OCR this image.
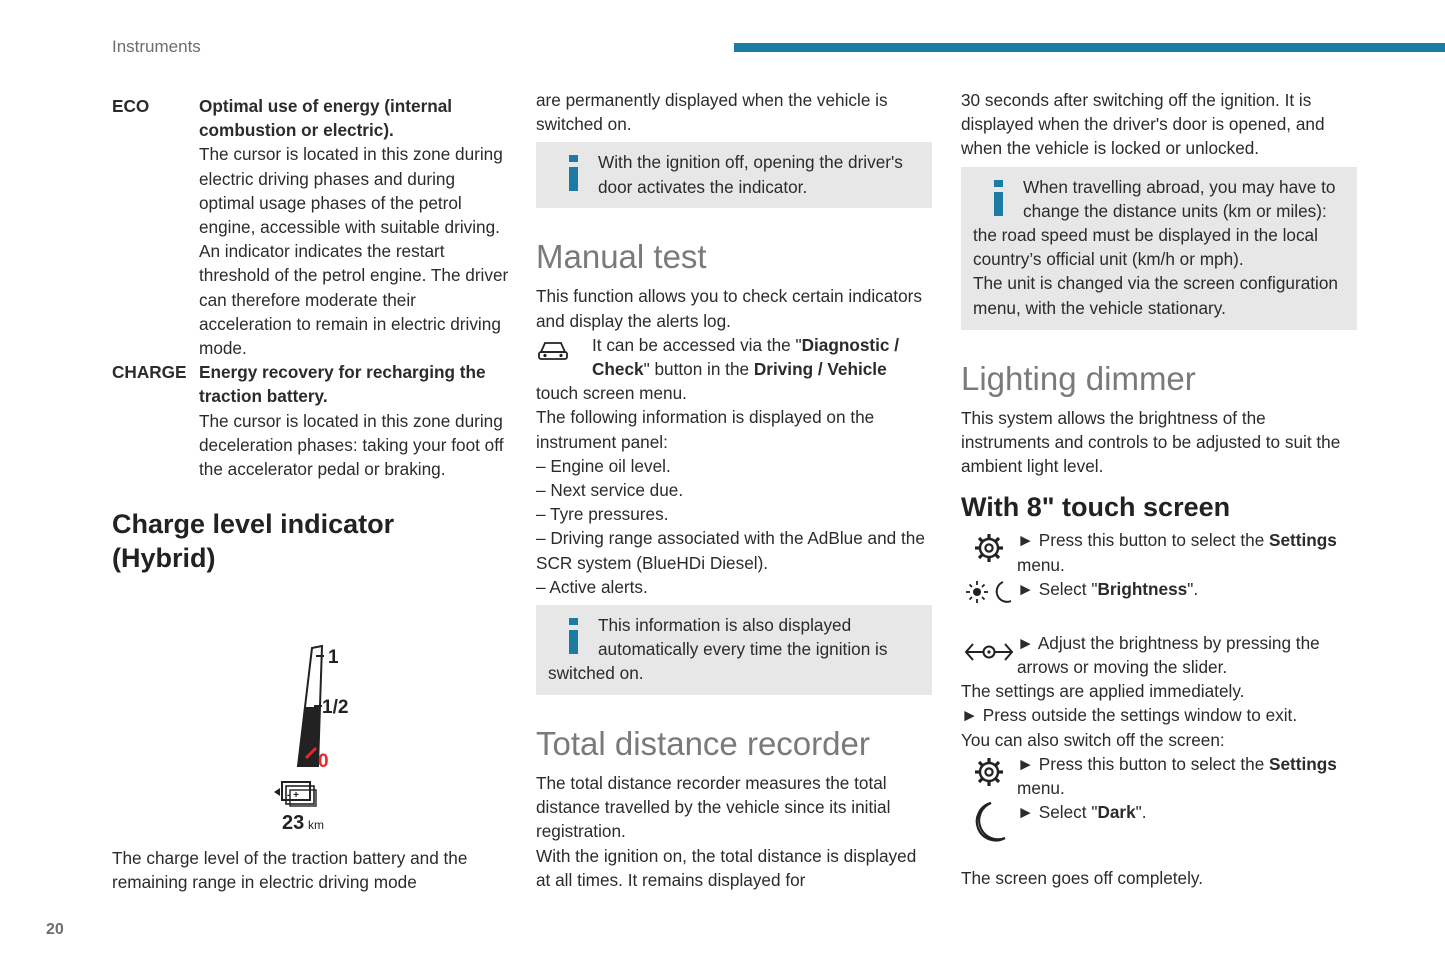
Instruments
20
ECO	Optimal use of energy (internal combustion or electric).

The cursor is located in this zone during electric driving phases and during optimal usage phases of the petrol engine, accessible with suitable driving.

An indicator indicates the restart threshold of the petrol engine. The driver can therefore moderate their acceleration to remain in electric driving mode.

CHARGE Energy recovery for recharging the traction battery.

The cursor is located in this zone during deceleration phases: taking your foot off the accelerator pedal or braking.

Charge level indicator (Hybrid)
1
1/2
0
- +
23 km

The charge level of the traction battery and the remaining range in electric driving mode

are permanently displayed when the vehicle is switched on.

With the ignition off, opening the driver's door activates the indicator.

Manual test

This function allows you to check certain indicators and display the alerts log.

It can be accessed via the "Diagnostic / Check" button in the Driving / Vehicle

touch screen menu.

The following information is displayed on the instrument panel:

– Engine oil level.
– Next service due.
– Tyre pressures.
– Driving range associated with the AdBlue and the SCR system (BlueHDi Diesel).
– Active alerts.

This information is also displayed automatically every time the ignition is switched on.

Total distance recorder

The total distance recorder measures the total distance travelled by the vehicle since its initial registration.

With the ignition on, the total distance is displayed at all times. It remains displayed for

30 seconds after switching off the ignition. It is displayed when the driver's door is opened, and when the vehicle is locked or unlocked.

When travelling abroad, you may have to change the distance units (km or miles): the road speed must be displayed in the local country’s official unit (km/h or mph).

The unit is changed via the screen configuration menu, with the vehicle stationary.

Lighting dimmer

This system allows the brightness of the instruments and controls to be adjusted to suit the ambient light level.

With 8" touch screen

► Press this button to select the Settings menu.

► Select "Brightness".

► Adjust the brightness by pressing the arrows or moving the slider.

The settings are applied immediately.

► Press outside the settings window to exit.

You can also switch off the screen:

► Press this button to select the Settings menu.

► Select "Dark".

The screen goes off completely.
